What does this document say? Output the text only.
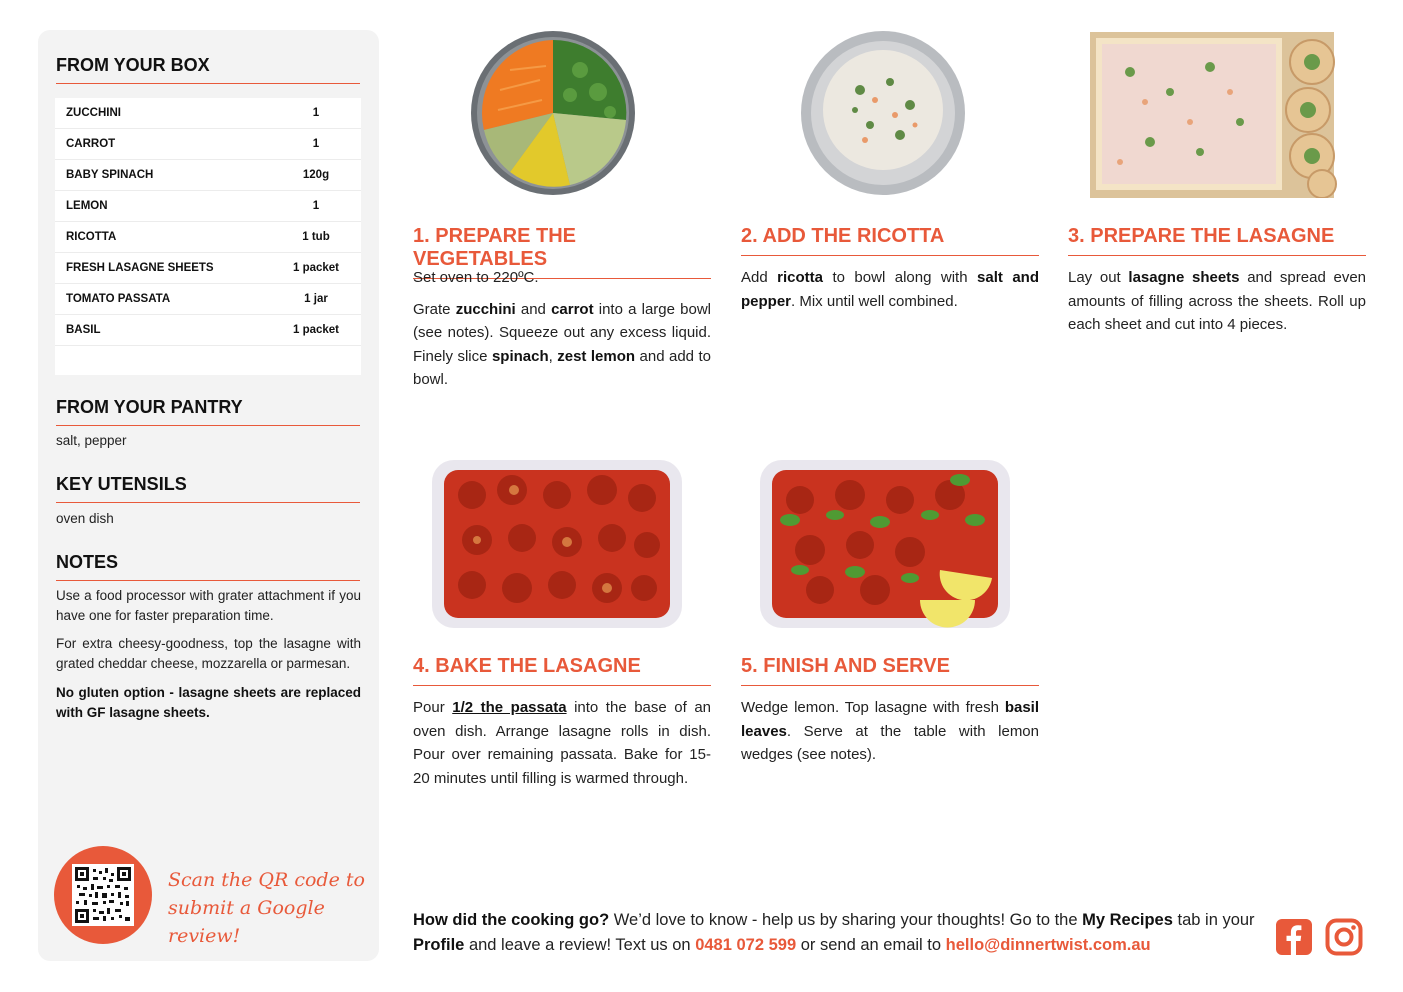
FROM YOUR BOX
ZUCCHINI	1
CARROT	1
BABY SPINACH	120g
LEMON	1
RICOTTA	1 tub
FRESH LASAGNE SHEETS	1 packet
TOMATO PASSATA	1 jar
BASIL	1 packet
FROM YOUR PANTRY
salt, pepper
KEY UTENSILS
oven dish
NOTES
Use a food processor with grater attachment if you have one for faster preparation time.
For extra cheesy-goodness, top the lasagne with grated cheddar cheese, mozzarella or parmesan.
No gluten option - lasagne sheets are replaced with GF lasagne sheets.
Scan the QR code to
submit a Google review!
1. PREPARE THE VEGETABLES

Set oven to 220ºC.

Grate zucchini and carrot into a large bowl (see notes). Squeeze out any excess liquid. Finely slice spinach, zest lemon and add to bowl.

2. ADD THE RICOTTA

Add ricotta to bowl along with salt and pepper. Mix until well combined.

3. PREPARE THE LASAGNE

Lay out lasagne sheets and spread even amounts of filling across the sheets. Roll up each sheet and cut into 4 pieces.

4. BAKE THE LASAGNE

Pour 1/2 the passata into the base of an oven dish. Arrange lasagne rolls in dish. Pour over remaining passata. Bake for 15-20 minutes until filling is warmed through.

5. FINISH AND SERVE

Wedge lemon. Top lasagne with fresh basil leaves. Serve at the table with lemon wedges (see notes).

How did the cooking go? We’d love to know - help us by sharing your thoughts! Go to the My Recipes tab in your Profile and leave a review! Text us on 0481 072 599 or send an email to hello@dinnertwist.com.au
